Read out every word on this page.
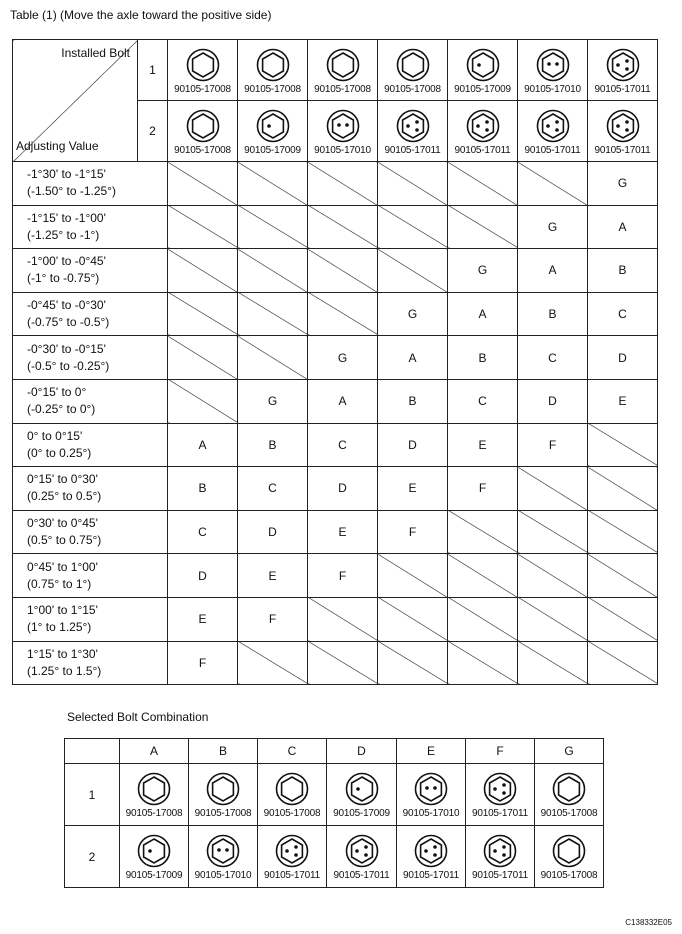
Table (1) (Move the axle toward the positive side)
Installed Bolt
Adjusting Value	1	90105-17008	90105-17008	90105-17008	90105-17008	90105-17009	90105-17010	90105-17011

	2	90105-17008	90105-17009	90105-17010	90105-17011	90105-17011	90105-17011	90105-17011

-1°30' to -1°15'
(-1.50° to -1.25°)								G

-1°15' to -1°00'
(-1.25° to -1°)							G	A

-1°00' to -0°45'
(-1° to -0.75°)						G	A	B

-0°45' to -0°30'
(-0.75° to -0.5°)					G	A	B	C

-0°30' to -0°15'
(-0.5° to -0.25°)				G	A	B	C	D

-0°15' to 0°
(-0.25° to 0°)			G	A	B	C	D	E

0° to 0°15'
(0° to 0.25°)		A	B	C	D	E	F	

0°15' to 0°30'
(0.25° to 0.5°)		B	C	D	E	F		

0°30' to 0°45'
(0.5° to 0.75°)		C	D	E	F			

0°45' to 1°00'
(0.75° to 1°)		D	E	F				

1°00' to 1°15'
(1° to 1.25°)		E	F					

1°15' to 1°30'
(1.25° to 1.5°)		F						
Selected Bolt Combination
	A	B	C	D	E	F	G
1	90105-17008	90105-17008	90105-17008	90105-17009	90105-17010	90105-17011	90105-17008

2	90105-17009	90105-17010	90105-17011	90105-17011	90105-17011	90105-17011	90105-17008
C138332E05
